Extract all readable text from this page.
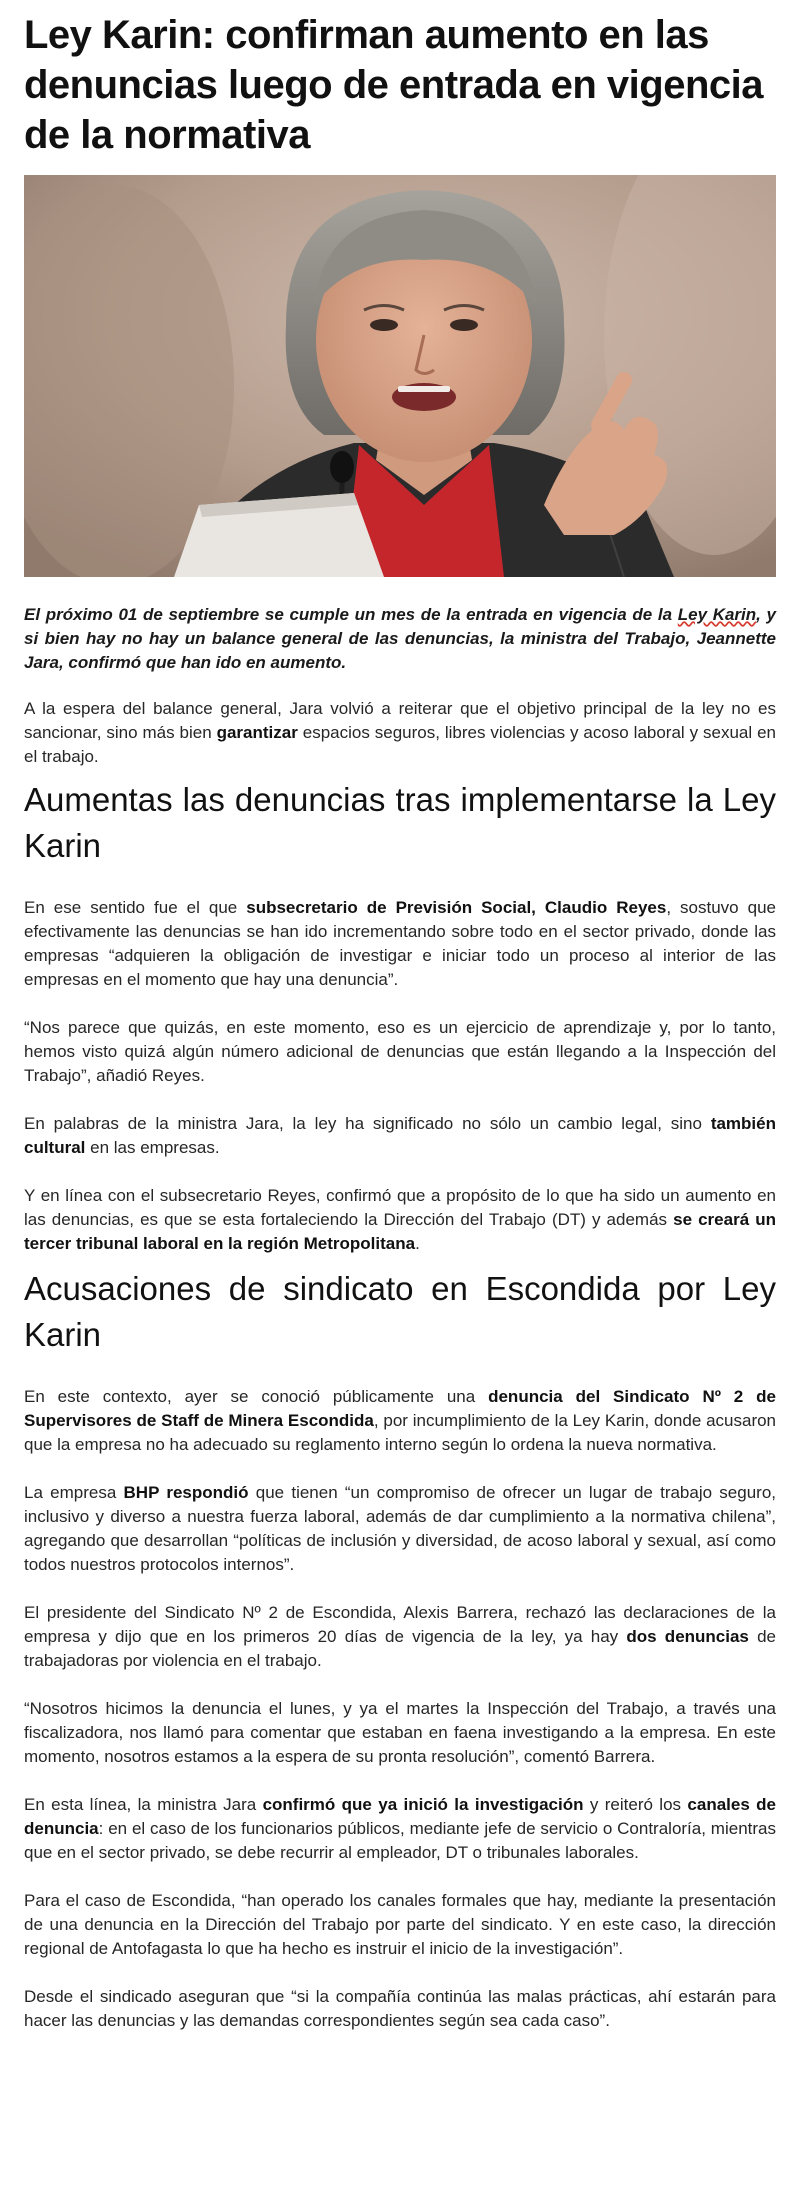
Ley Karin: confirman aumento en las denuncias luego de entrada en vigencia de la normativa

El próximo 01 de septiembre se cumple un mes de la entrada en vigencia de la Ley Karin, y si bien hay no hay un balance general de las denuncias, la ministra del Trabajo, Jeannette Jara, confirmó que han ido en aumento.

A la espera del balance general, Jara volvió a reiterar que el objetivo principal de la ley no es sancionar, sino más bien garantizar espacios seguros, libres violencias y acoso laboral y sexual en el trabajo.

Aumentas las denuncias tras implementarse la Ley Karin

En ese sentido fue el que subsecretario de Previsión Social, Claudio Reyes, sostuvo que efectivamente las denuncias se han ido incrementando sobre todo en el sector privado, donde las empresas “adquieren la obligación de investigar e iniciar todo un proceso al interior de las empresas en el momento que hay una denuncia”.

“Nos parece que quizás, en este momento, eso es un ejercicio de aprendizaje y, por lo tanto, hemos visto quizá algún número adicional de denuncias que están llegando a la Inspección del Trabajo”, añadió Reyes.

En palabras de la ministra Jara, la ley ha significado no sólo un cambio legal, sino también cultural en las empresas.

Y en línea con el subsecretario Reyes, confirmó que a propósito de lo que ha sido un aumento en las denuncias, es que se esta fortaleciendo la Dirección del Trabajo (DT) y además se creará un tercer tribunal laboral en la región Metropolitana.

Acusaciones de sindicato en Escondida por Ley Karin

En este contexto, ayer se conoció públicamente una denuncia del Sindicato Nº 2 de Supervisores de Staff de Minera Escondida, por incumplimiento de la Ley Karin, donde acusaron que la empresa no ha adecuado su reglamento interno según lo ordena la nueva normativa.

La empresa BHP respondió que tienen “un compromiso de ofrecer un lugar de trabajo seguro, inclusivo y diverso a nuestra fuerza laboral, además de dar cumplimiento a la normativa chilena”, agregando que desarrollan “políticas de inclusión y diversidad, de acoso laboral y sexual, así como todos nuestros protocolos internos”.

El presidente del Sindicato Nº 2 de Escondida, Alexis Barrera, rechazó las declaraciones de la empresa y dijo que en los primeros 20 días de vigencia de la ley, ya hay dos denuncias de trabajadoras por violencia en el trabajo.

“Nosotros hicimos la denuncia el lunes, y ya el martes la Inspección del Trabajo, a través una fiscalizadora, nos llamó para comentar que estaban en faena investigando a la empresa. En este momento, nosotros estamos a la espera de su pronta resolución”, comentó Barrera.

En esta línea, la ministra Jara confirmó que ya inició la investigación y reiteró los canales de denuncia: en el caso de los funcionarios públicos, mediante jefe de servicio o Contraloría, mientras que en el sector privado, se debe recurrir al empleador, DT o tribunales laborales.

Para el caso de Escondida, “han operado los canales formales que hay, mediante la presentación de una denuncia en la Dirección del Trabajo por parte del sindicato. Y en este caso, la dirección regional de Antofagasta lo que ha hecho es instruir el inicio de la investigación”.

Desde el sindicado aseguran que “si la compañía continúa las malas prácticas, ahí estarán para hacer las denuncias y las demandas correspondientes según sea cada caso”.
